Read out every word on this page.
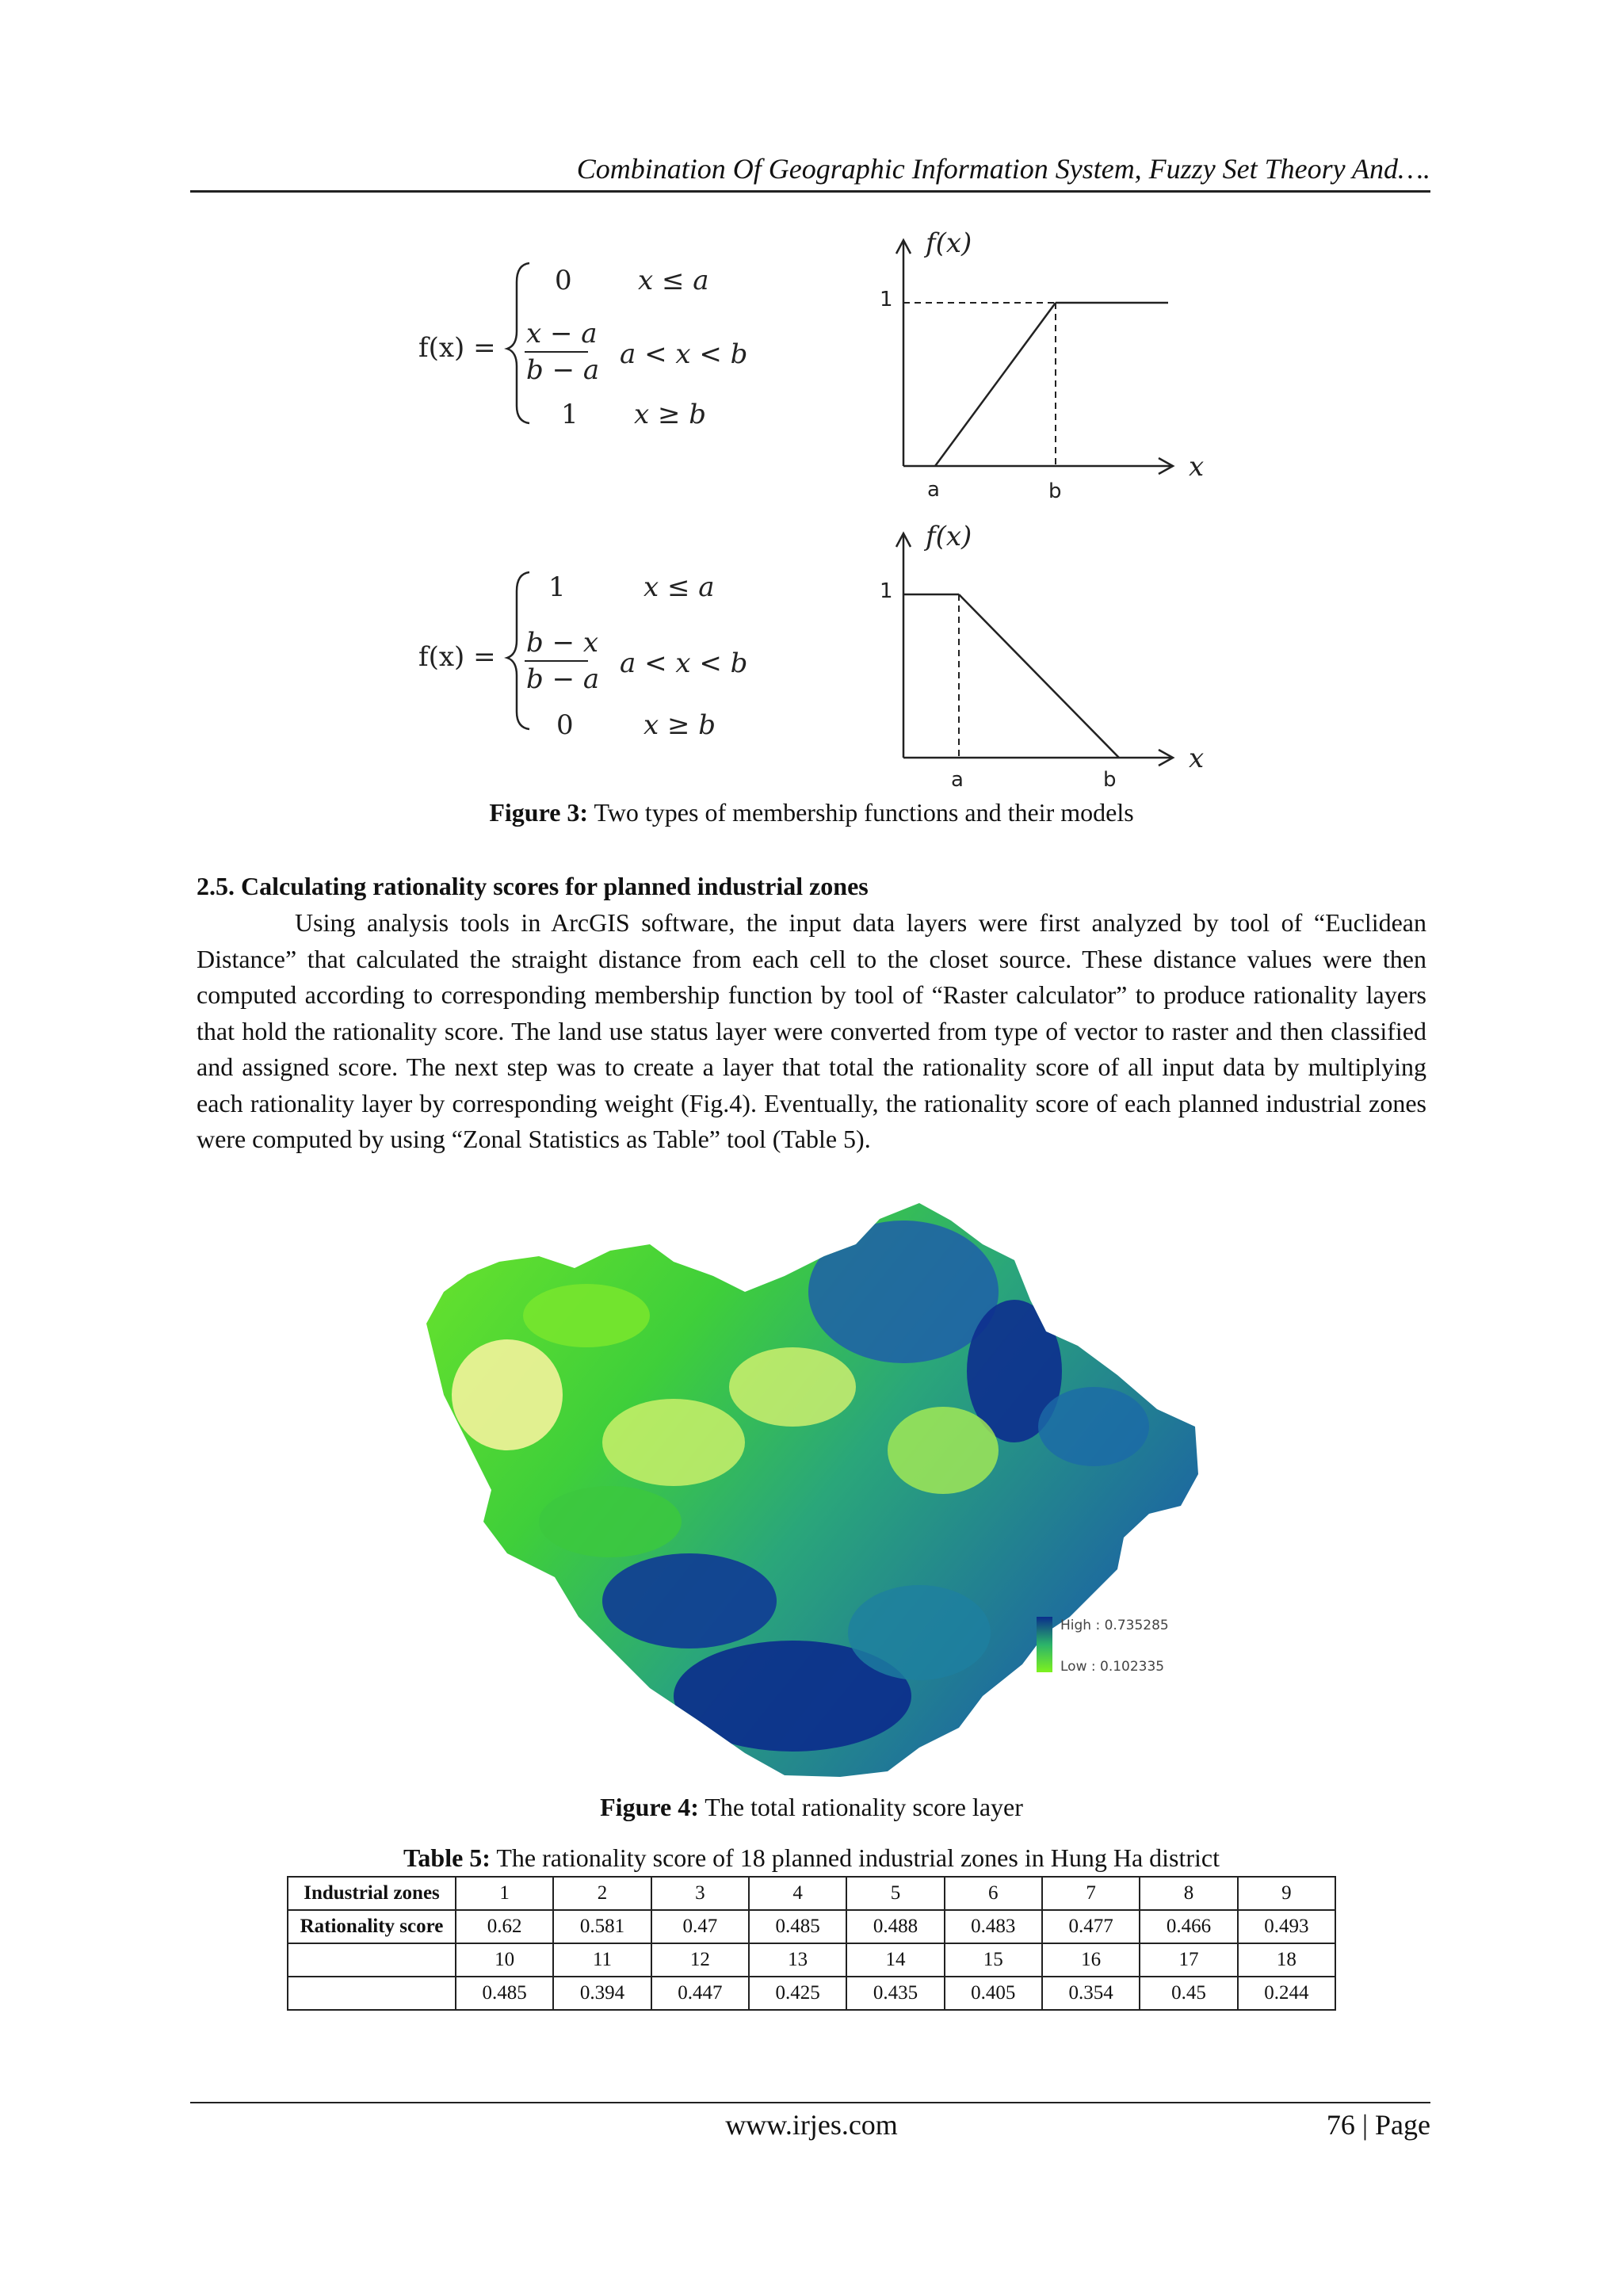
Combination Of Geographic Information System, Fuzzy Set Theory And….
f(x) =
0 x ≤ a
x − a
b − a a < x < b
1 x ≥ b
f(x)
1
a	b
x
f(x) =
1	x ≤ a
b − x
b − a a < x < b
0	x ≥ b
f(x)
1
a	b
x
Figure 3: Two types of membership functions and their models
2.5. Calculating rationality scores for planned industrial zones

Using analysis tools in ArcGIS software, the input data layers were first analyzed by tool of “Euclidean Distance” that calculated the straight distance from each cell to the closet source. These distance values were then computed according to corresponding membership function by tool of “Raster calculator” to produce rationality layers that hold the rationality score. The land use status layer were converted from type of vector to raster and then classified and assigned score. The next step was to create a layer that total the rationality score of all input data by multiplying each rationality layer by corresponding weight (Fig.4). Eventually, the rationality score of each planned industrial zones were computed by using “Zonal Statistics as Table” tool (Table 5).

High : 0.735285
Low : 0.102335
Figure 4: The total rationality score layer
Table 5: The rationality score of 18 planned industrial zones in Hung Ha district
Industrial zones	1	2	3	4	5	6	7	8	9
Rationality score	0.62	0.581	0.47	0.485	0.488	0.483	0.477	0.466	0.493
	10	11	12	13	14	15	16	17	18
	0.485	0.394	0.447	0.425	0.435	0.405	0.354	0.45	0.244
www.irjes.com	76 | Page
